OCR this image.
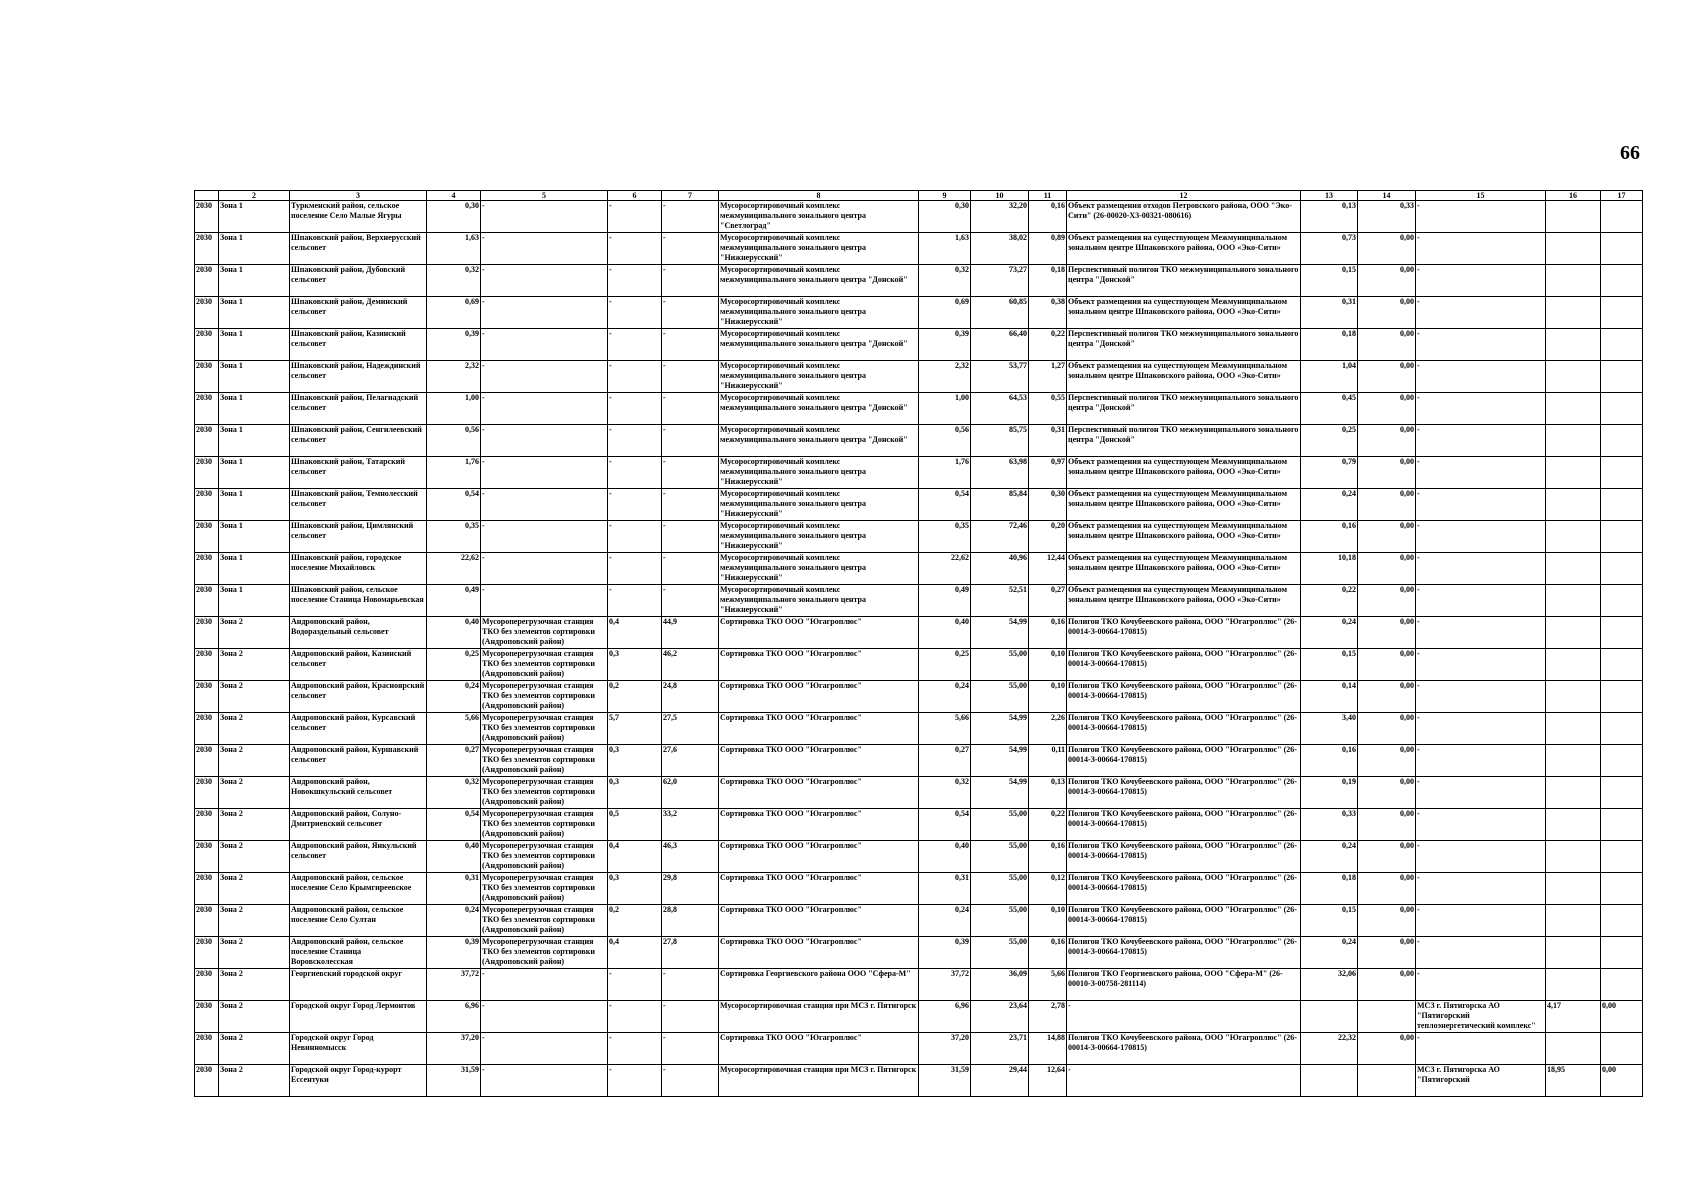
66
	2	3	4	5	6	7	8	9	10	11	12	13	14	15	16	17
2030	Зона 1	Туркменский район, сельское поселение Село Малые Ягуры	0,30	-	-	-	Мусоросортировочный комплекс межмуниципального зонального центра "Светлоград"	0,30	32,20	0,16	Объект размещения отходов Петровского района, ООО "Эко-Сити" (26-00020-Х3-00321-080616)	0,13	0,33	-		
2030	Зона 1	Шпаковский район, Верхнерусский сельсовет	1,63	-	-	-	Мусоросортировочный комплекс межмуниципального зонального центра "Нижнерусский"	1,63	38,02	0,89	Объект размещения на существующем Межмуниципальном зональном центре Шпаковского района, ООО «Эко-Сити»	0,73	0,00	-		
2030	Зона 1	Шпаковский район, Дубовский сельсовет	0,32	-	-	-	Мусоросортировочный комплекс межмуниципального зонального центра "Донской"	0,32	73,27	0,18	Перспективный полигон ТКО межмуниципального зонального центра "Донской"	0,15	0,00	-		
2030	Зона 1	Шпаковский район, Деминский сельсовет	0,69	-	-	-	Мусоросортировочный комплекс межмуниципального зонального центра "Нижнерусский"	0,69	60,85	0,38	Объект размещения на существующем Межмуниципальном зональном центре Шпаковского района, ООО «Эко-Сити»	0,31	0,00	-		
2030	Зона 1	Шпаковский район, Казинский сельсовет	0,39	-	-	-	Мусоросортировочный комплекс межмуниципального зонального центра "Донской"	0,39	66,40	0,22	Перспективный полигон ТКО межмуниципального зонального центра "Донской"	0,18	0,00	-		
2030	Зона 1	Шпаковский район, Надеждинский сельсовет	2,32	-	-	-	Мусоросортировочный комплекс межмуниципального зонального центра "Нижнерусский"	2,32	53,77	1,27	Объект размещения на существующем Межмуниципальном зональном центре Шпаковского района, ООО «Эко-Сити»	1,04	0,00	-		
2030	Зона 1	Шпаковский район, Пелагиадский сельсовет	1,00	-	-	-	Мусоросортировочный комплекс межмуниципального зонального центра "Донской"	1,00	64,53	0,55	Перспективный полигон ТКО межмуниципального зонального центра "Донской"	0,45	0,00	-		
2030	Зона 1	Шпаковский район, Сенгилеевский сельсовет	0,56	-	-	-	Мусоросортировочный комплекс межмуниципального зонального центра "Донской"	0,56	85,75	0,31	Перспективный полигон ТКО межмуниципального зонального центра "Донской"	0,25	0,00	-		
2030	Зона 1	Шпаковский район, Татарский сельсовет	1,76	-	-	-	Мусоросортировочный комплекс межмуниципального зонального центра "Нижнерусский"	1,76	63,98	0,97	Объект размещения на существующем Межмуниципальном зональном центре Шпаковского района, ООО «Эко-Сити»	0,79	0,00	-		
2030	Зона 1	Шпаковский район, Темнолесский сельсовет	0,54	-	-	-	Мусоросортировочный комплекс межмуниципального зонального центра "Нижнерусский"	0,54	85,84	0,30	Объект размещения на существующем Межмуниципальном зональном центре Шпаковского района, ООО «Эко-Сити»	0,24	0,00	-		
2030	Зона 1	Шпаковский район, Цимлянский сельсовет	0,35	-	-	-	Мусоросортировочный комплекс межмуниципального зонального центра "Нижнерусский"	0,35	72,46	0,20	Объект размещения на существующем Межмуниципальном зональном центре Шпаковского района, ООО «Эко-Сити»	0,16	0,00	-		
2030	Зона 1	Шпаковский район, городское поселение Михайловск	22,62	-	-	-	Мусоросортировочный комплекс межмуниципального зонального центра "Нижнерусский"	22,62	40,96	12,44	Объект размещения на существующем Межмуниципальном зональном центре Шпаковского района, ООО «Эко-Сити»	10,18	0,00	-		
2030	Зона 1	Шпаковский район, сельское поселение Станица Новомарьевская	0,49	-	-	-	Мусоросортировочный комплекс межмуниципального зонального центра "Нижнерусский"	0,49	52,51	0,27	Объект размещения на существующем Межмуниципальном зональном центре Шпаковского района, ООО «Эко-Сити»	0,22	0,00	-		
2030	Зона 2	Андроповский район, Водораздельный сельсовет	0,40	Мусороперегрузочная станция ТКО без элементов сортировки (Андроповский район)	0,4	44,9	Сортировка ТКО ООО "Югагроплюс"	0,40	54,99	0,16	Полигон ТКО Кочубеевского района, ООО "Югагроплюс" (26-00014-З-00664-170815)	0,24	0,00	-		
2030	Зона 2	Андроповский район, Казинский сельсовет	0,25	Мусороперегрузочная станция ТКО без элементов сортировки (Андроповский район)	0,3	46,2	Сортировка ТКО ООО "Югагроплюс"	0,25	55,00	0,10	Полигон ТКО Кочубеевского района, ООО "Югагроплюс" (26-00014-З-00664-170815)	0,15	0,00	-		
2030	Зона 2	Андроповский район, Красноярский сельсовет	0,24	Мусороперегрузочная станция ТКО без элементов сортировки (Андроповский район)	0,2	24,8	Сортировка ТКО ООО "Югагроплюс"	0,24	55,00	0,10	Полигон ТКО Кочубеевского района, ООО "Югагроплюс" (26-00014-З-00664-170815)	0,14	0,00	-		
2030	Зона 2	Андроповский район, Курсавский сельсовет	5,66	Мусороперегрузочная станция ТКО без элементов сортировки (Андроповский район)	5,7	27,5	Сортировка ТКО ООО "Югагроплюс"	5,66	54,99	2,26	Полигон ТКО Кочубеевского района, ООО "Югагроплюс" (26-00014-З-00664-170815)	3,40	0,00	-		
2030	Зона 2	Андроповский район, Куршавский сельсовет	0,27	Мусороперегрузочная станция ТКО без элементов сортировки (Андроповский район)	0,3	27,6	Сортировка ТКО ООО "Югагроплюс"	0,27	54,99	0,11	Полигон ТКО Кочубеевского района, ООО "Югагроплюс" (26-00014-З-00664-170815)	0,16	0,00	-		
2030	Зона 2	Андроповский район, Новокшкульский сельсовет	0,32	Мусороперегрузочная станция ТКО без элементов сортировки (Андроповский район)	0,3	62,0	Сортировка ТКО ООО "Югагроплюс"	0,32	54,99	0,13	Полигон ТКО Кочубеевского района, ООО "Югагроплюс" (26-00014-З-00664-170815)	0,19	0,00	-		
2030	Зона 2	Андроповский район, Солуно-Дмитриевский сельсовет	0,54	Мусороперегрузочная станция ТКО без элементов сортировки (Андроповский район)	0,5	33,2	Сортировка ТКО ООО "Югагроплюс"	0,54	55,00	0,22	Полигон ТКО Кочубеевского района, ООО "Югагроплюс" (26-00014-З-00664-170815)	0,33	0,00	-		
2030	Зона 2	Андроповский район, Янкульский сельсовет	0,40	Мусороперегрузочная станция ТКО без элементов сортировки (Андроповский район)	0,4	46,3	Сортировка ТКО ООО "Югагроплюс"	0,40	55,00	0,16	Полигон ТКО Кочубеевского района, ООО "Югагроплюс" (26-00014-З-00664-170815)	0,24	0,00	-		
2030	Зона 2	Андроповский район, сельское поселение Село Крымгиреевское	0,31	Мусороперегрузочная станция ТКО без элементов сортировки (Андроповский район)	0,3	29,8	Сортировка ТКО ООО "Югагроплюс"	0,31	55,00	0,12	Полигон ТКО Кочубеевского района, ООО "Югагроплюс" (26-00014-З-00664-170815)	0,18	0,00	-		
2030	Зона 2	Андроповский район, сельское поселение Село Султан	0,24	Мусороперегрузочная станция ТКО без элементов сортировки (Андроповский район)	0,2	28,8	Сортировка ТКО ООО "Югагроплюс"	0,24	55,00	0,10	Полигон ТКО Кочубеевского района, ООО "Югагроплюс" (26-00014-З-00664-170815)	0,15	0,00	-		
2030	Зона 2	Андроповский район, сельское поселение Станица Воровсколесская	0,39	Мусороперегрузочная станция ТКО без элементов сортировки (Андроповский район)	0,4	27,8	Сортировка ТКО ООО "Югагроплюс"	0,39	55,00	0,16	Полигон ТКО Кочубеевского района, ООО "Югагроплюс" (26-00014-З-00664-170815)	0,24	0,00	-		
2030	Зона 2	Георгиевский городской округ	37,72	-	-	-	Сортировка Георгиевского района ООО "Сфера-М"	37,72	36,09	5,66	Полигон ТКО Георгиевского района, ООО "Сфера-М" (26-00010-З-00758-281114)	32,06	0,00	-		
2030	Зона 2	Городской округ Город Лермонтов	6,96	-	-	-	Мусоросортировочная станция при МСЗ г. Пятигорск	6,96	23,64	2,78	-			МСЗ г. Пятигорска АО "Пятигорский теплоэнергетический комплекс"	4,17	0,00
2030	Зона 2	Городской округ Город Невинномысск	37,20	-	-	-	Сортировка ТКО ООО "Югагроплюс"	37,20	23,71	14,88	Полигон ТКО Кочубеевского района, ООО "Югагроплюс" (26-00014-З-00664-170815)	22,32	0,00	-		
2030	Зона 2	Городской округ Город-курорт Ессентуки	31,59	-	-	-	Мусоросортировочная станция при МСЗ г. Пятигорск	31,59	29,44	12,64	-			МСЗ г. Пятигорска АО "Пятигорский	18,95	0,00
